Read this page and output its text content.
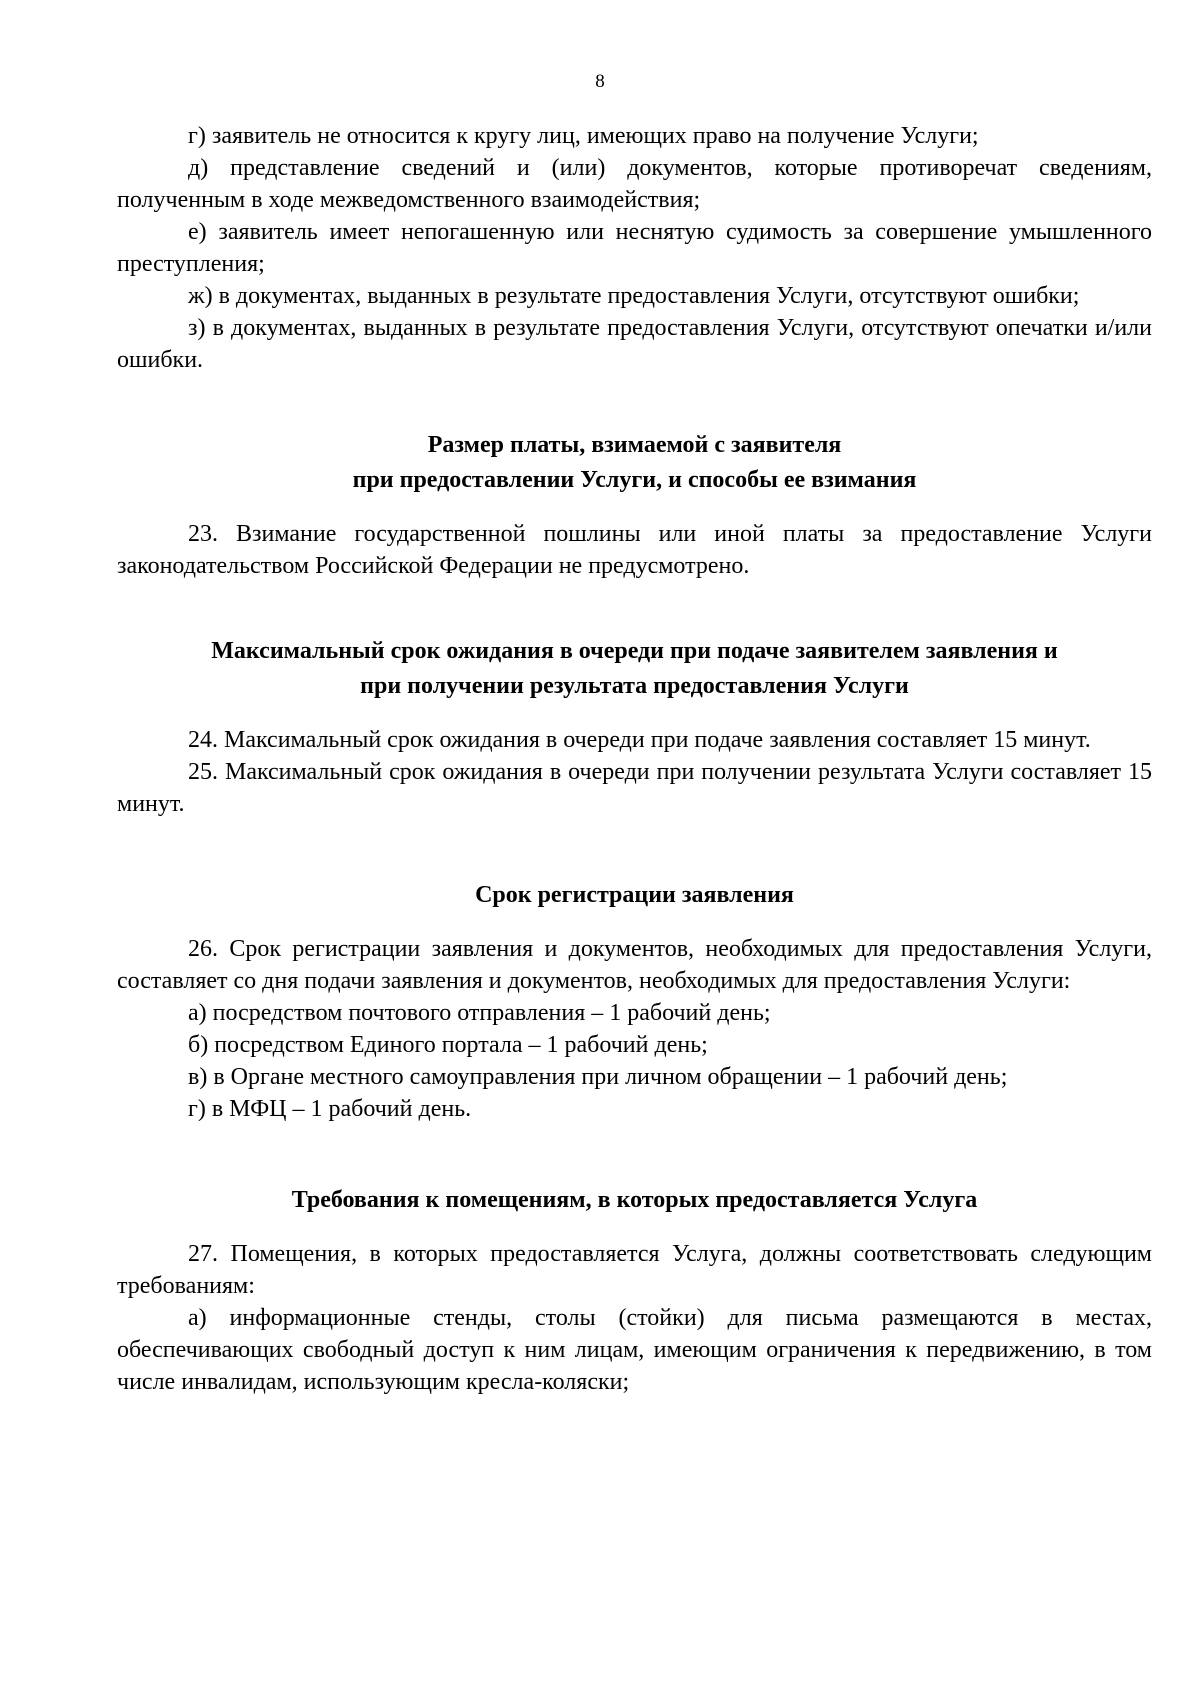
8

г) заявитель не относится к кругу лиц, имеющих право на получение Услуги;

д) представление сведений и (или) документов, которые противоречат сведениям, полученным в ходе межведомственного взаимодействия;

е) заявитель имеет непогашенную или неснятую судимость за совершение умышленного преступления;

ж) в документах, выданных в результате предоставления Услуги, отсутствуют ошибки;

з) в документах, выданных в результате предоставления Услуги, отсутствуют опечатки и/или ошибки.

Размер платы, взимаемой с заявителя
при предоставлении Услуги, и способы ее взимания

23. Взимание государственной пошлины или иной платы за предоставление Услуги законодательством Российской Федерации не предусмотрено.

Максимальный срок ожидания в очереди при подаче заявителем заявления и
при получении результата предоставления Услуги

24. Максимальный срок ожидания в очереди при подаче заявления составляет 15 минут.

25. Максимальный срок ожидания в очереди при получении результата Услуги составляет 15 минут.

Срок регистрации заявления

26. Срок регистрации заявления и документов, необходимых для предоставления Услуги, составляет со дня подачи заявления и документов, необходимых для предоставления Услуги:

а) посредством почтового отправления – 1 рабочий день;

б) посредством Единого портала – 1 рабочий день;

в) в Органе местного самоуправления при личном обращении – 1 рабочий день;

г) в МФЦ – 1 рабочий день.

Требования к помещениям, в которых предоставляется Услуга

27. Помещения, в которых предоставляется Услуга, должны соответствовать следующим требованиям:

а) информационные стенды, столы (стойки) для письма размещаются в местах, обеспечивающих свободный доступ к ним лицам, имеющим ограничения к передвижению, в том числе инвалидам, использующим кресла-коляски;
